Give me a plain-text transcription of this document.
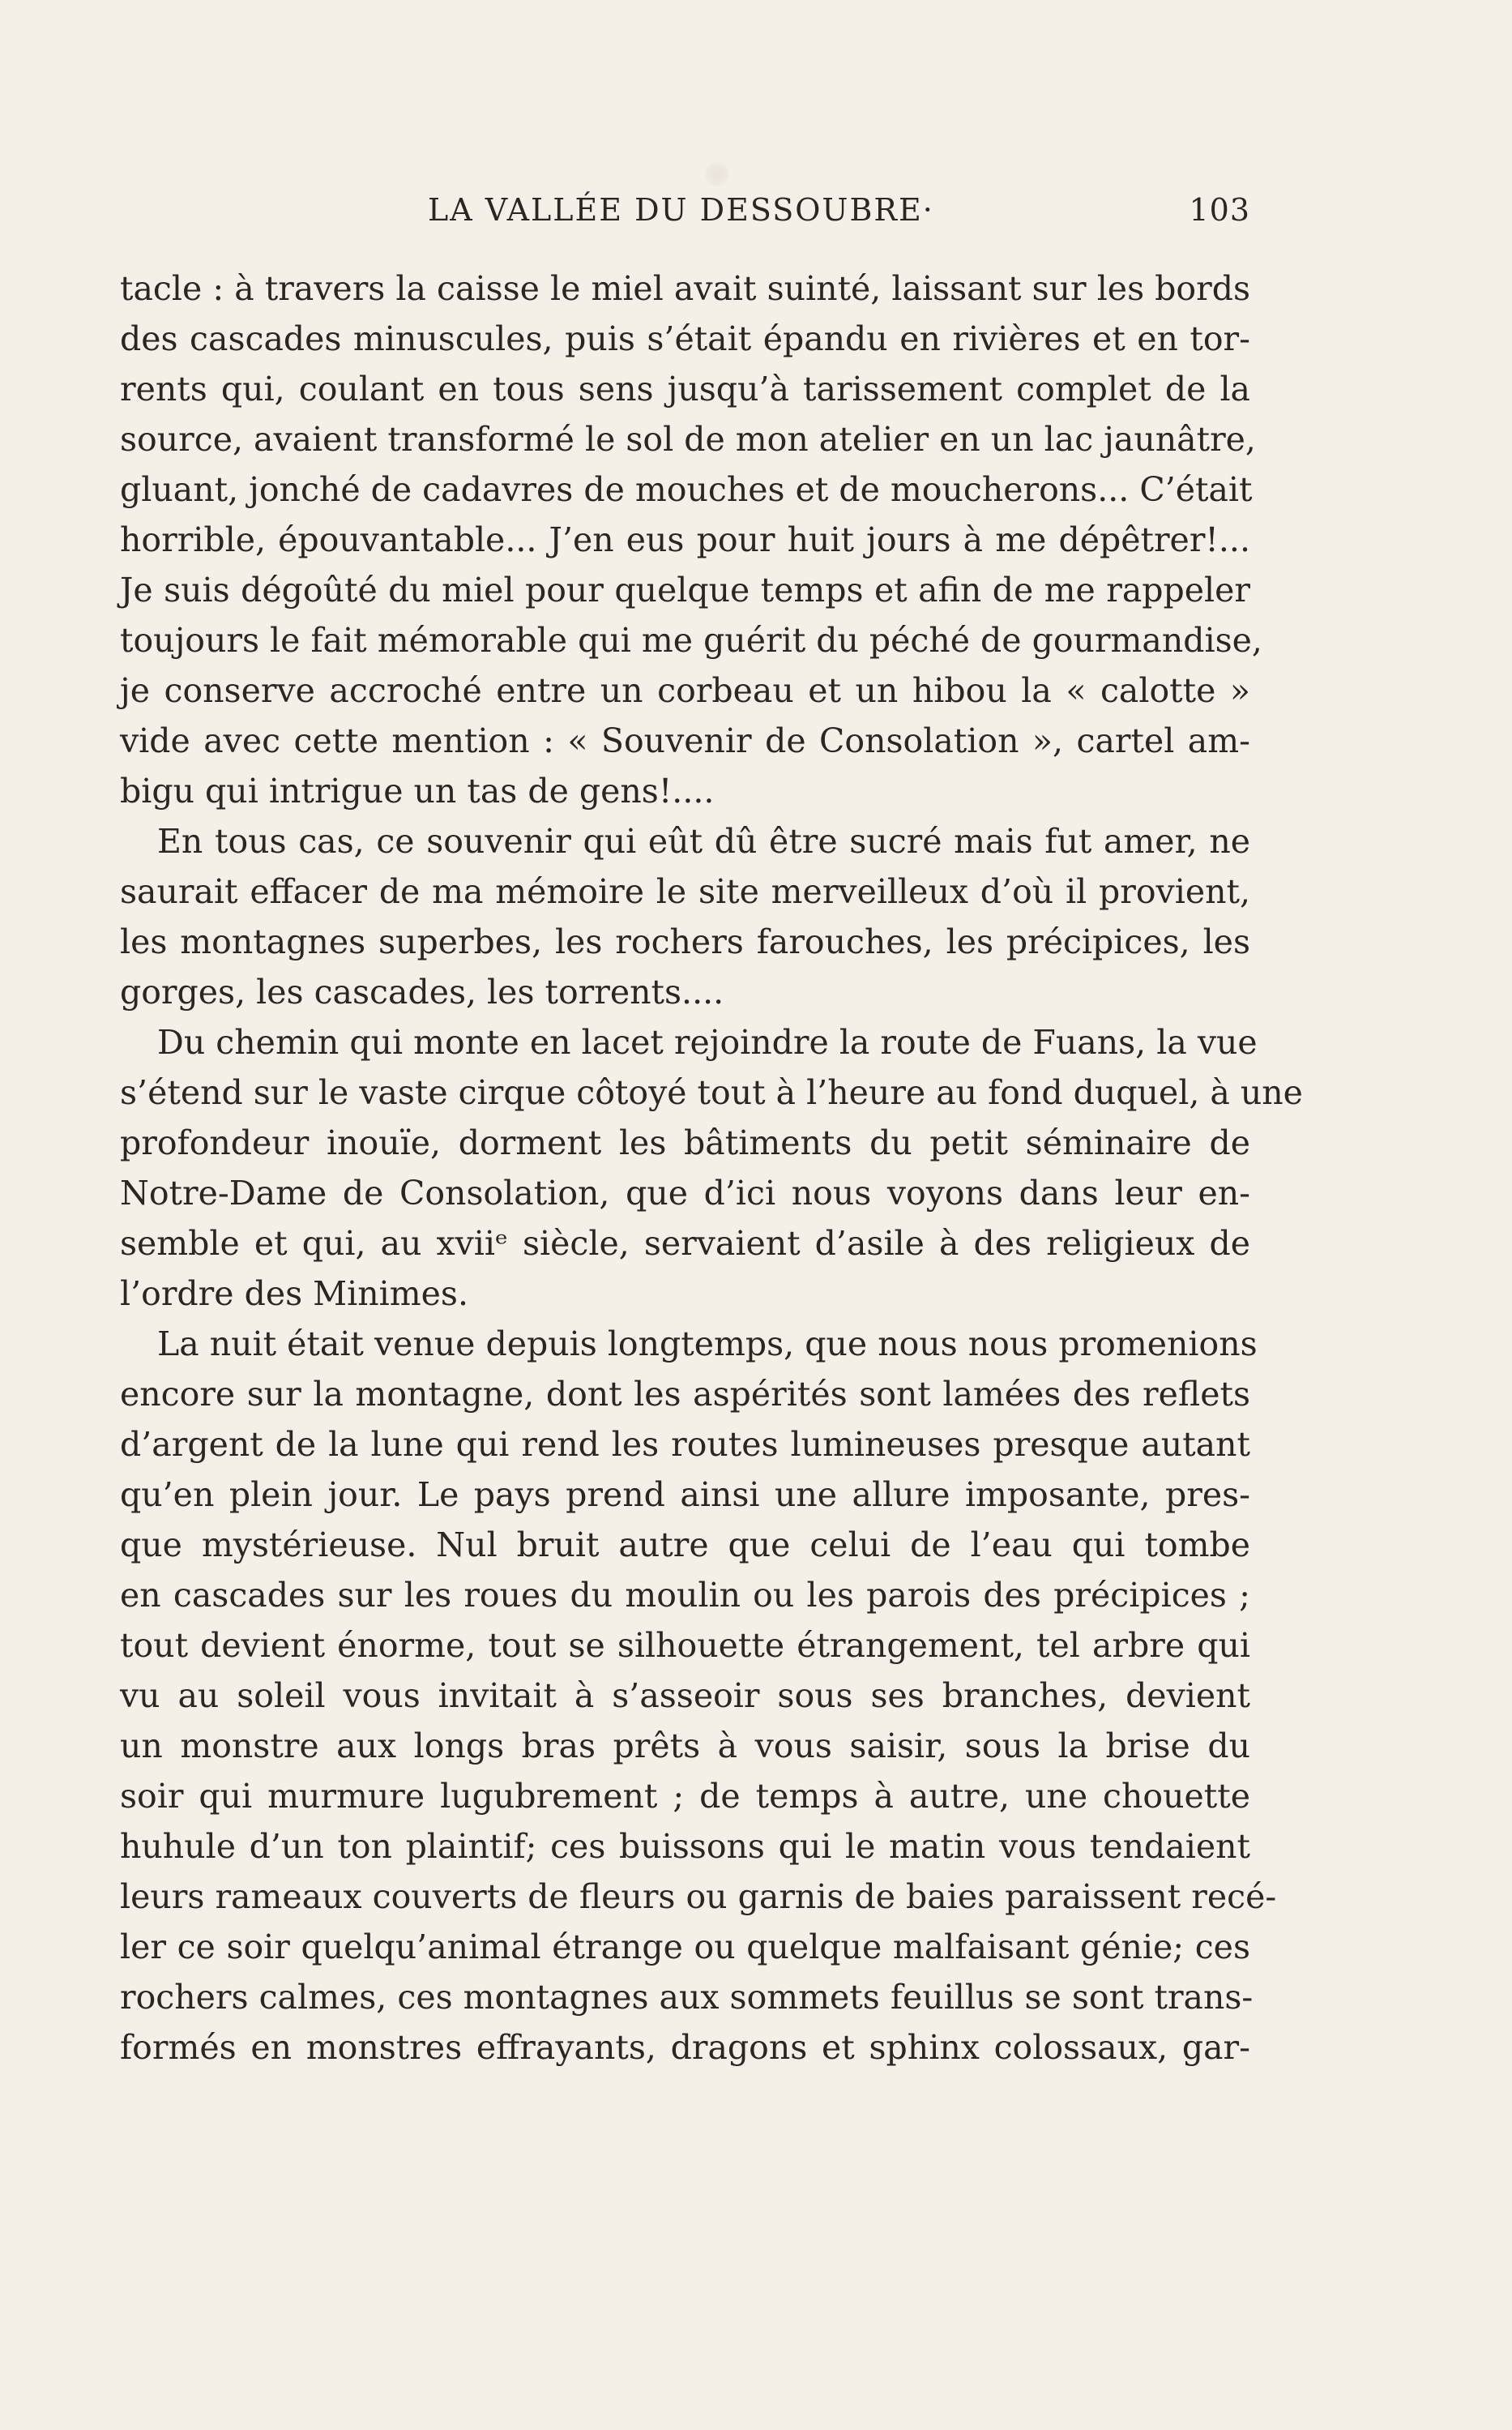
LA VALLÉE DU DESSOUBRE·	103
tacle : à travers la caisse le miel avait suinté, laissant sur les bords
des cascades minuscules, puis s’était épandu en rivières et en tor-
rents qui, coulant en tous sens jusqu’à tarissement complet de la
source, avaient transformé le sol de mon atelier en un lac jaunâtre,
gluant, jonché de cadavres de mouches et de moucherons... C’était
horrible, épouvantable... J’en eus pour huit jours à me dépêtrer!...
Je suis dégoûté du miel pour quelque temps et afin de me rappeler
toujours le fait mémorable qui me guérit du péché de gourmandise,
je conserve accroché entre un corbeau et un hibou la « calotte »
vide avec cette mention : « Souvenir de Consolation », cartel am-
bigu qui intrigue un tas de gens!....
En tous cas, ce souvenir qui eût dû être sucré mais fut amer, ne
saurait effacer de ma mémoire le site merveilleux d’où il provient,
les montagnes superbes, les rochers farouches, les précipices, les
gorges, les cascades, les torrents....
Du chemin qui monte en lacet rejoindre la route de Fuans, la vue
s’étend sur le vaste cirque côtoyé tout à l’heure au fond duquel, à une
profondeur inouïe, dorment les bâtiments du petit séminaire de
Notre-Dame de Consolation, que d’ici nous voyons dans leur en-
semble et qui, au xviiᵉ siècle, servaient d’asile à des religieux de
l’ordre des Minimes.
La nuit était venue depuis longtemps, que nous nous promenions
encore sur la montagne, dont les aspérités sont lamées des reflets
d’argent de la lune qui rend les routes lumineuses presque autant
qu’en plein jour. Le pays prend ainsi une allure imposante, pres-
que mystérieuse. Nul bruit autre que celui de l’eau qui tombe
en cascades sur les roues du moulin ou les parois des précipices ;
tout devient énorme, tout se silhouette étrangement, tel arbre qui
vu au soleil vous invitait à s’asseoir sous ses branches, devient
un monstre aux longs bras prêts à vous saisir, sous la brise du
soir qui murmure lugubrement ; de temps à autre, une chouette
huhule d’un ton plaintif; ces buissons qui le matin vous tendaient
leurs rameaux couverts de fleurs ou garnis de baies paraissent recé-
ler ce soir quelqu’animal étrange ou quelque malfaisant génie; ces
rochers calmes, ces montagnes aux sommets feuillus se sont trans-
formés en monstres effrayants, dragons et sphinx colossaux, gar-
